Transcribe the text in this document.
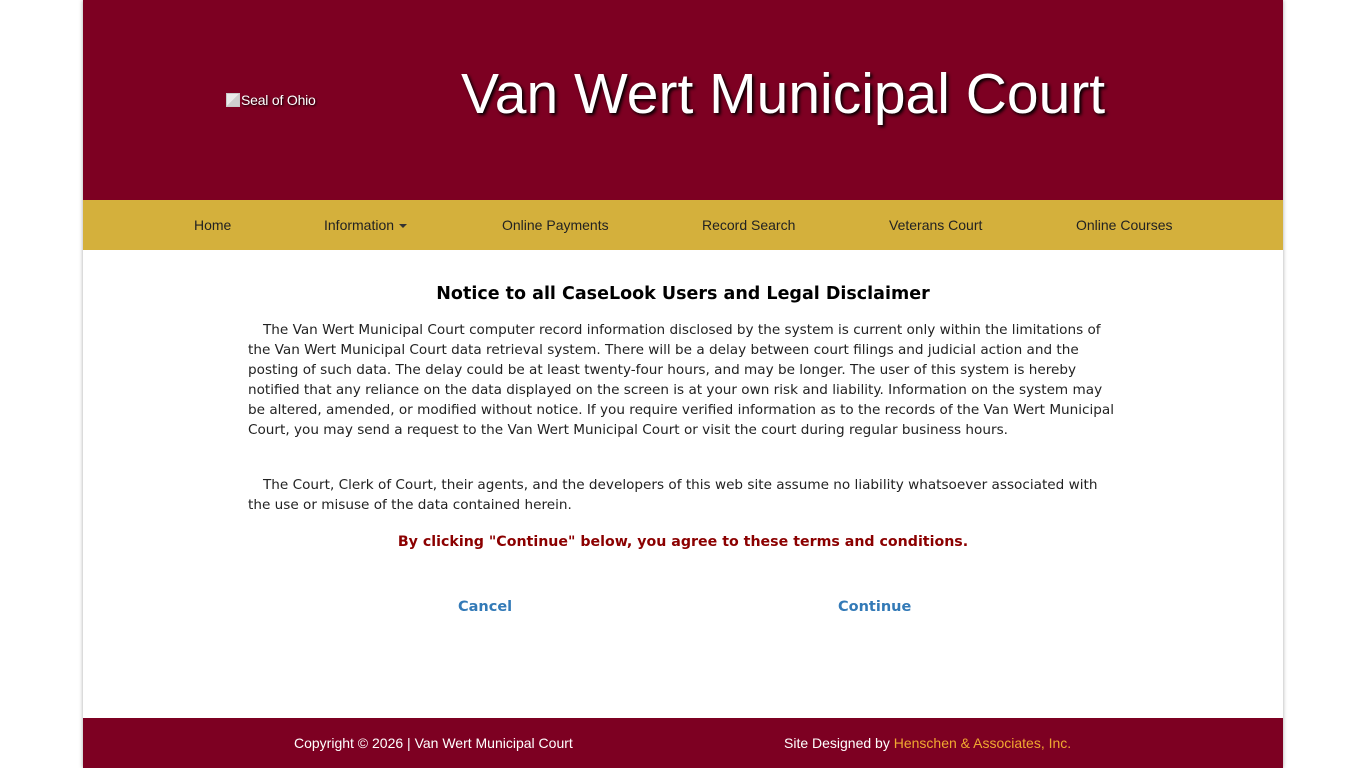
Seal of Ohio	Van Wert Municipal Court
Home	Information	Online Payments	Record Search	Veterans Court	Online Courses
Notice to all CaseLook Users and Legal Disclaimer
The Van Wert Municipal Court computer record information disclosed by the system is current only within the limitations of the Van Wert Municipal Court data retrieval system. There will be a delay between court filings and judicial action and the posting of such data. The delay could be at least twenty-four hours, and may be longer. The user of this system is hereby notified that any reliance on the data displayed on the screen is at your own risk and liability. Information on the system may be altered, amended, or modified without notice. If you require verified information as to the records of the Van Wert Municipal Court, you may send a request to the Van Wert Municipal Court or visit the court during regular business hours.
The Court, Clerk of Court, their agents, and the developers of this web site assume no liability whatsoever associated with the use or misuse of the data contained herein.
By clicking "Continue" below, you agree to these terms and conditions.
Cancel	Continue
Copyright © 2026 | Van Wert Municipal Court	Site Designed by Henschen & Associates, Inc.
